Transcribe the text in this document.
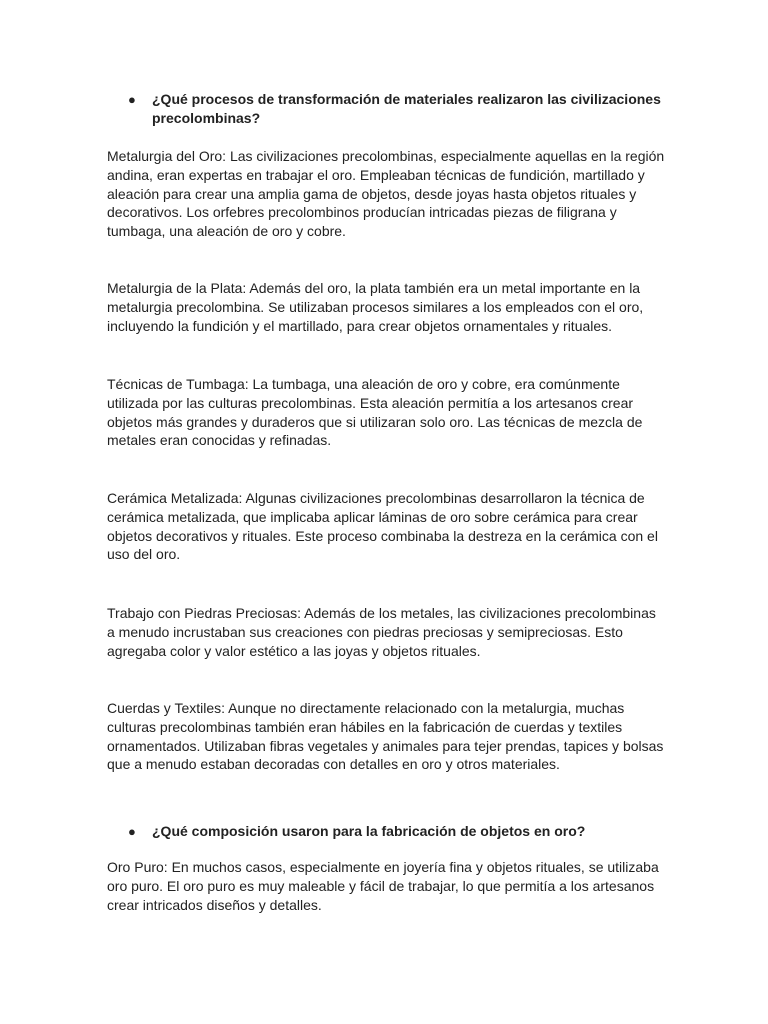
●	¿Qué procesos de transformación de materiales realizaron las civilizaciones precolombinas?

Metalurgia del Oro: Las civilizaciones precolombinas, especialmente aquellas en la región andina, eran expertas en trabajar el oro. Empleaban técnicas de fundición, martillado y aleación para crear una amplia gama de objetos, desde joyas hasta objetos rituales y decorativos. Los orfebres precolombinos producían intricadas piezas de filigrana y tumbaga, una aleación de oro y cobre.

Metalurgia de la Plata: Además del oro, la plata también era un metal importante en la metalurgia precolombina. Se utilizaban procesos similares a los empleados con el oro, incluyendo la fundición y el martillado, para crear objetos ornamentales y rituales.

Técnicas de Tumbaga: La tumbaga, una aleación de oro y cobre, era comúnmente utilizada por las culturas precolombinas. Esta aleación permitía a los artesanos crear objetos más grandes y duraderos que si utilizaran solo oro. Las técnicas de mezcla de metales eran conocidas y refinadas.

Cerámica Metalizada: Algunas civilizaciones precolombinas desarrollaron la técnica de cerámica metalizada, que implicaba aplicar láminas de oro sobre cerámica para crear objetos decorativos y rituales. Este proceso combinaba la destreza en la cerámica con el uso del oro.

Trabajo con Piedras Preciosas: Además de los metales, las civilizaciones precolombinas a menudo incrustaban sus creaciones con piedras preciosas y semipreciosas. Esto agregaba color y valor estético a las joyas y objetos rituales.

Cuerdas y Textiles: Aunque no directamente relacionado con la metalurgia, muchas culturas precolombinas también eran hábiles en la fabricación de cuerdas y textiles ornamentados. Utilizaban fibras vegetales y animales para tejer prendas, tapices y bolsas que a menudo estaban decoradas con detalles en oro y otros materiales.

●	¿Qué composición usaron para la fabricación de objetos en oro?

Oro Puro: En muchos casos, especialmente en joyería fina y objetos rituales, se utilizaba oro puro. El oro puro es muy maleable y fácil de trabajar, lo que permitía a los artesanos crear intricados diseños y detalles.
